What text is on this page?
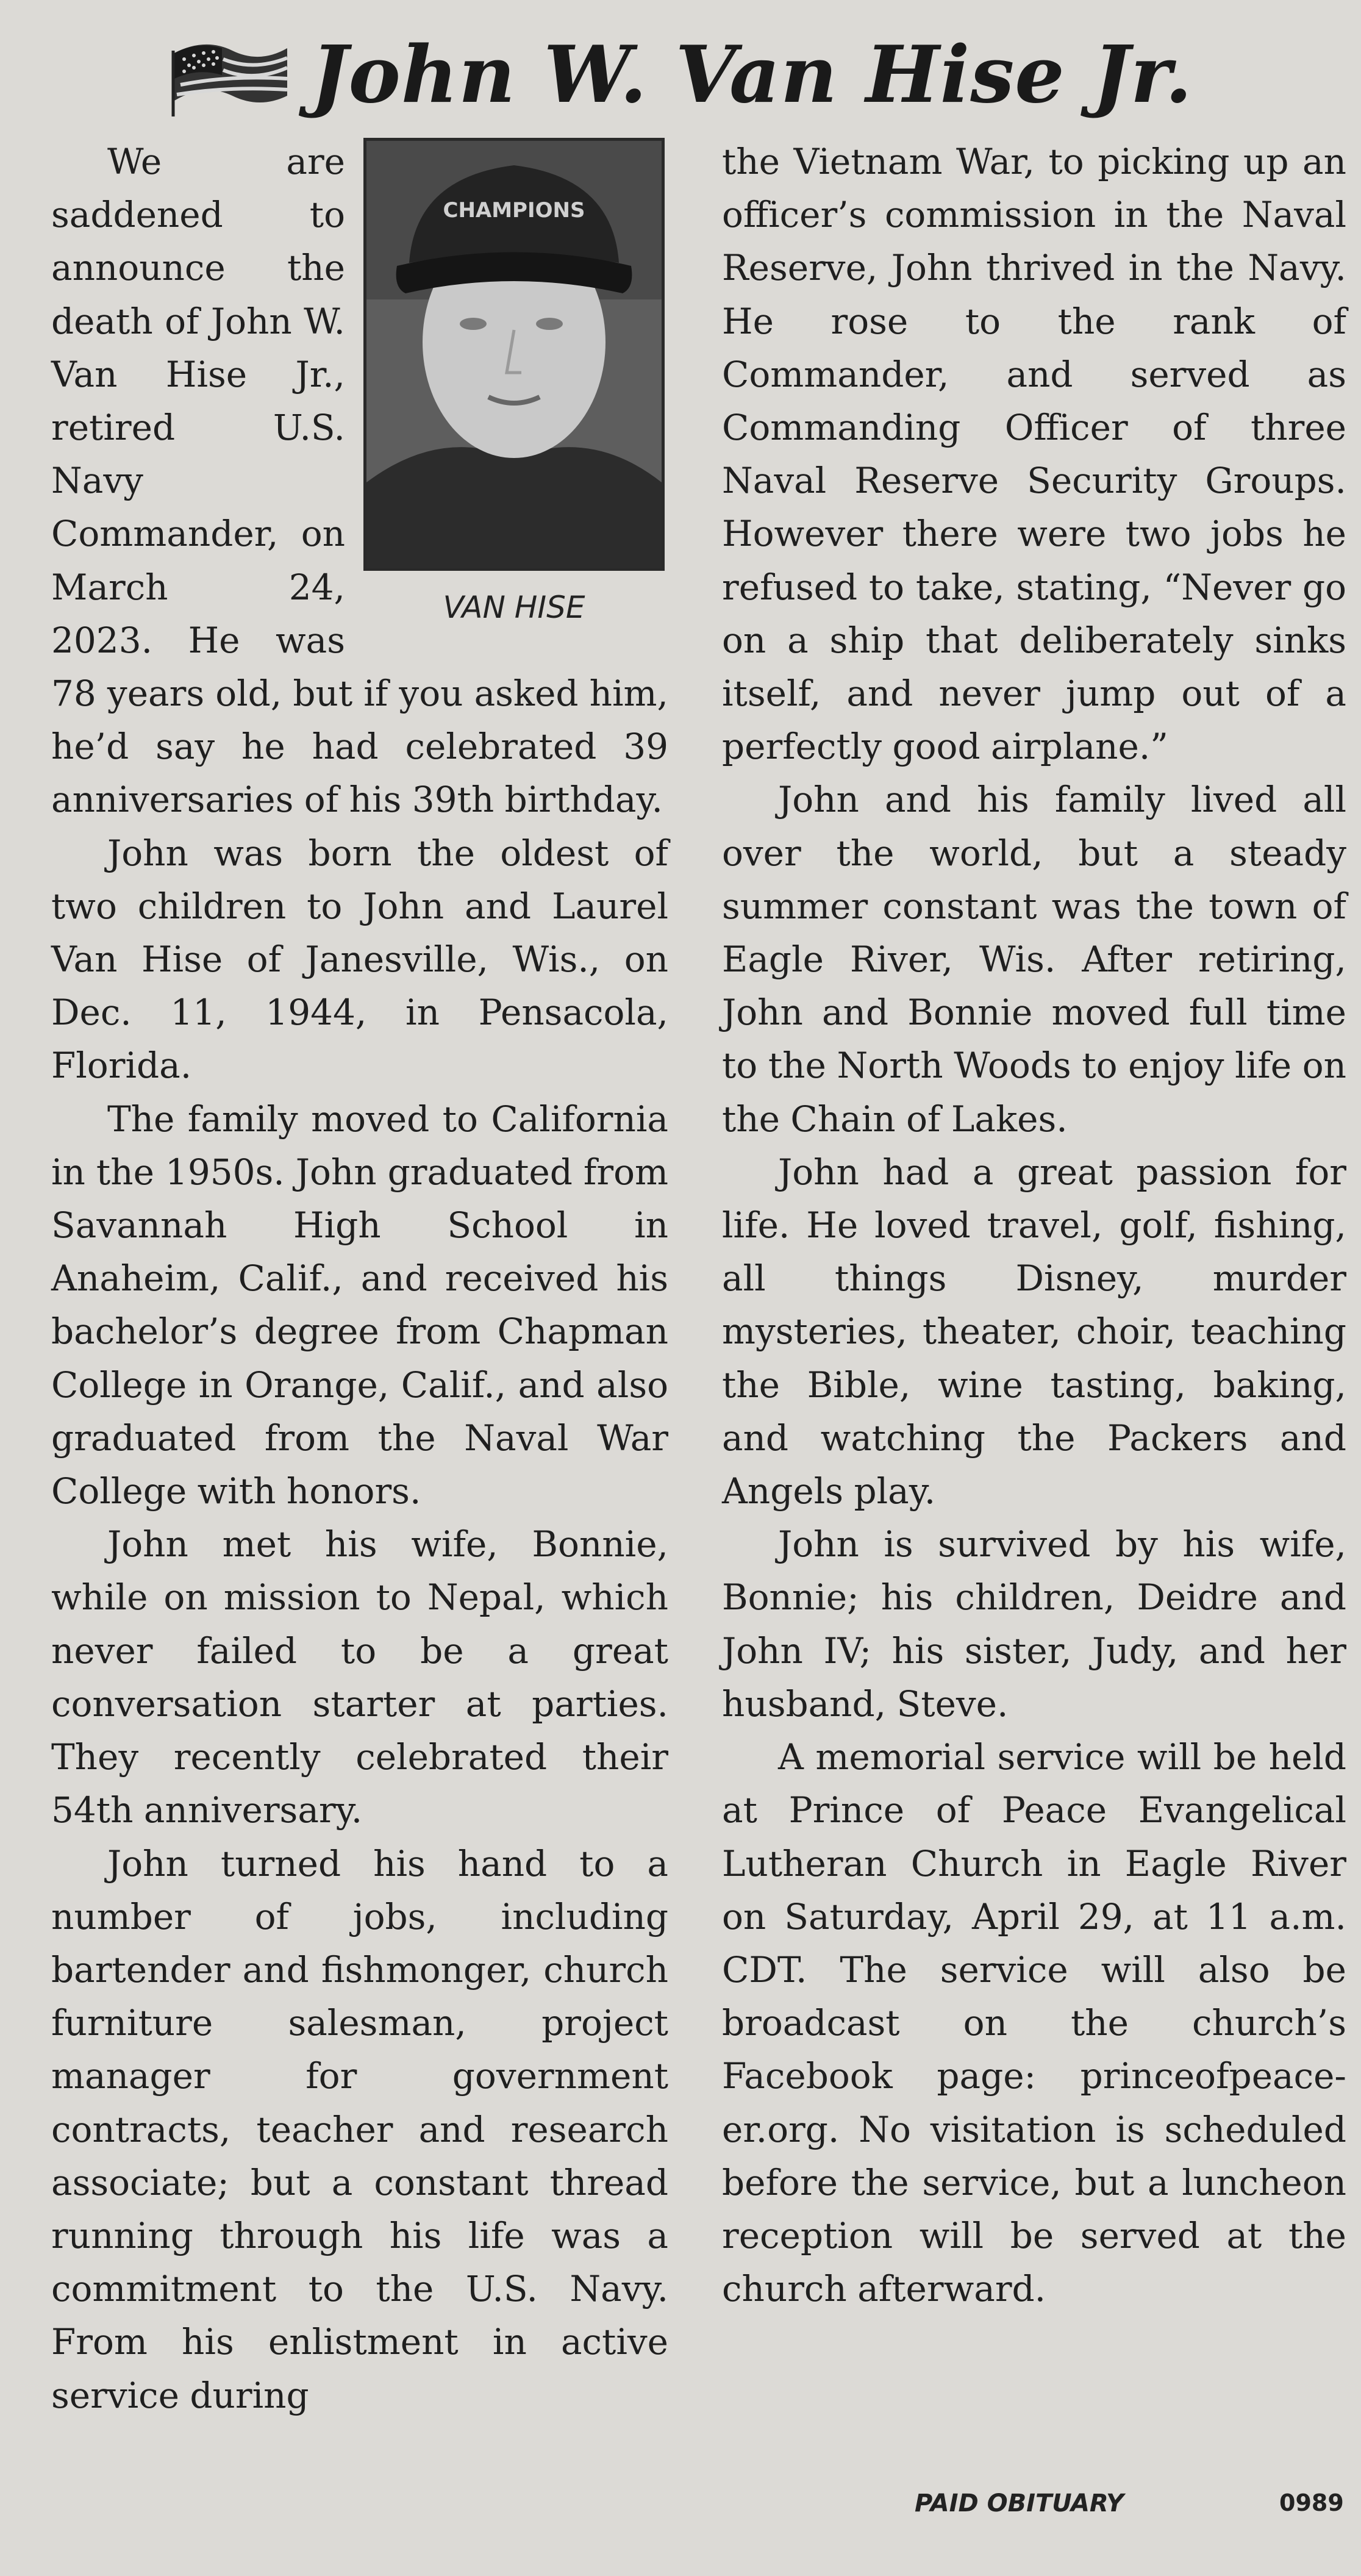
John W. Van Hise Jr.
CHAMPIONS
VAN HISE

We are saddened to announce the death of John W. Van Hise Jr., retired U.S. Navy Commander, on March 24, 2023. He was 78 years old, but if you asked him, he’d say he had celebrated 39 anniversaries of his 39th birthday.

John was born the oldest of two children to John and Laurel Van Hise of Janesville, Wis., on Dec. 11, 1944, in Pensacola, Florida.

The family moved to California in the 1950s. John graduated from Savannah High School in Anaheim, Calif., and received his bachelor’s degree from Chapman College in Orange, Calif., and also graduated from the Naval War College with honors.

John met his wife, Bonnie, while on mission to Nepal, which never failed to be a great conversation starter at parties. They recently celebrated their 54th anniversary.

John turned his hand to a number of jobs, including bartender and fishmonger, church furniture salesman, project manager for government contracts, teacher and research associate; but a constant thread running through his life was a commitment to the U.S. Navy. From his enlistment in active service during

the Vietnam War, to picking up an officer’s commission in the Naval Reserve, John thrived in the Navy. He rose to the rank of Commander, and served as Commanding Officer of three Naval Reserve Security Groups. However there were two jobs he refused to take, stating, “Never go on a ship that deliberately sinks itself, and never jump out of a perfectly good airplane.”

John and his family lived all over the world, but a steady summer constant was the town of Eagle River, Wis. After retiring, John and Bonnie moved full time to the North Woods to enjoy life on the Chain of Lakes.

John had a great passion for life. He loved travel, golf, fishing, all things Disney, murder mysteries, theater, choir, teaching the Bible, wine tasting, baking, and watching the Packers and Angels play.

John is survived by his wife, Bonnie; his children, Deidre and John IV; his sister, Judy, and her husband, Steve.

A memorial service will be held at Prince of Peace Evangelical Lutheran Church in Eagle River on Saturday, April 29, at 11 a.m. CDT. The service will also be broadcast on the church’s Facebook page: princeofpeace-er.org. No visitation is scheduled before the service, but a luncheon reception will be served at the church afterward.

PAID OBITUARY	0989
